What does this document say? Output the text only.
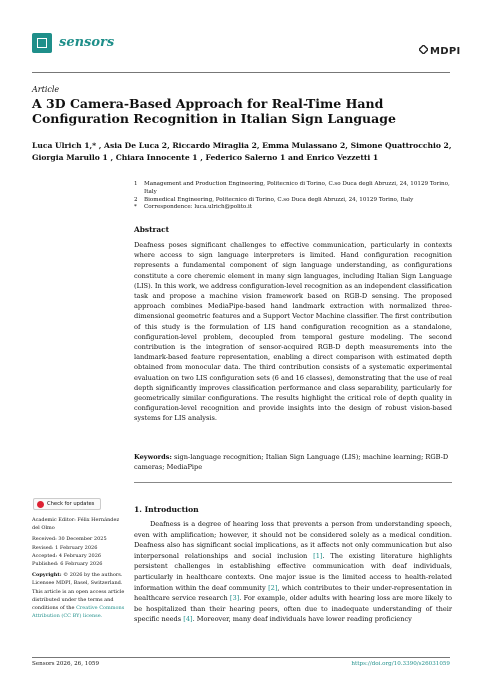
sensors
MDPI
Article
A 3D Camera-Based Approach for Real-Time Hand Configuration Recognition in Italian Sign Language
Luca Ulrich 1,* , Asia De Luca 2, Riccardo Miraglia 2, Emma Mulassano 2, Simone Quattrocchio 2,
Giorgia Marullo 1 , Chiara Innocente 1 , Federico Salerno 1 and Enrico Vezzetti 1
1	Management and Production Engineering, Politecnico di Torino, C.so Duca degli Abruzzi, 24, 10129 Torino, Italy
2	Biomedical Engineering, Politecnico di Torino, C.so Duca degli Abruzzi, 24, 10129 Torino, Italy
*	Correspondence: luca.ulrich@polito.it
Abstract
Deafness poses significant challenges to effective communication, particularly in contexts where access to sign language interpreters is limited. Hand configuration recognition represents a fundamental component of sign language understanding, as configurations constitute a core cheremic element in many sign languages, including Italian Sign Language (LIS). In this work, we address configuration-level recognition as an independent classification task and propose a machine vision framework based on RGB-D sensing. The proposed approach combines MediaPipe-based hand landmark extraction with normalized three-dimensional geometric features and a Support Vector Machine classifier. The first contribution of this study is the formulation of LIS hand configuration recognition as a standalone, configuration-level problem, decoupled from temporal gesture modeling. The second contribution is the integration of sensor-acquired RGB-D depth measurements into the landmark-based feature representation, enabling a direct comparison with estimated depth obtained from monocular data. The third contribution consists of a systematic experimental evaluation on two LIS configuration sets (6 and 16 classes), demonstrating that the use of real depth significantly improves classification performance and class separability, particularly for geometrically similar configurations. The results highlight the critical role of depth quality in configuration-level recognition and provide insights into the design of robust vision-based systems for LIS analysis.
Keywords: sign-language recognition; Italian Sign Language (LIS); machine learning; RGB-D cameras; MediaPipe
Check for updates
Academic Editor: Félix Hernández del Olmo
Received: 30 December 2025
Revised: 1 February 2026
Accepted: 4 February 2026
Published: 6 February 2026
Copyright: © 2026 by the authors. Licensee MDPI, Basel, Switzerland. This article is an open access article distributed under the terms and conditions of the Creative Commons Attribution (CC BY) license.
1. Introduction
Deafness is a degree of hearing loss that prevents a person from understanding speech, even with amplification; however, it should not be considered solely as a medical condition. Deafness also has significant social implications, as it affects not only communication but also interpersonal relationships and social inclusion [1]. The existing literature highlights persistent challenges in establishing effective communication with deaf individuals, particularly in healthcare contexts. One major issue is the limited access to health-related information within the deaf community [2], which contributes to their under-representation in healthcare service research [3]. For example, older adults with hearing loss are more likely to be hospitalized than their hearing peers, often due to inadequate understanding of their specific needs [4]. Moreover, many deaf individuals have lower reading proficiency
Sensors 2026, 26, 1059	https://doi.org/10.3390/s26031059
